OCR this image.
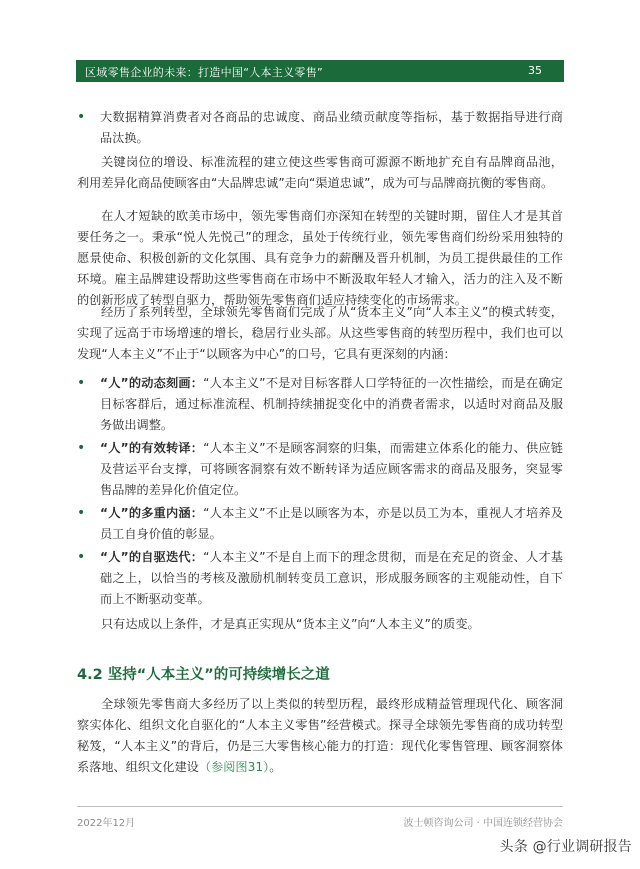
区域零售企业的未来：打造中国“人本主义零售”	35
• 大数据精算消费者对各商品的忠诚度、商品业绩贡献度等指标，基于数据指导进行商品汰换。

关键岗位的增设、标准流程的建立使这些零售商可源源不断地扩充自有品牌商品池，利用差异化商品使顾客由“大品牌忠诚”走向“渠道忠诚”，成为可与品牌商抗衡的零售商。

在人才短缺的欧美市场中，领先零售商们亦深知在转型的关键时期，留住人才是其首要任务之一。秉承“悦人先悦己”的理念，虽处于传统行业，领先零售商们纷纷采用独特的愿景使命、积极创新的文化氛围、具有竞争力的薪酬及晋升机制，为员工提供最佳的工作环境。雇主品牌建设帮助这些零售商在市场中不断汲取年轻人才输入，活力的注入及不断的创新形成了转型自驱力，帮助领先零售商们适应持续变化的市场需求。

经历了系列转型，全球领先零售商们完成了从“货本主义”向“人本主义”的模式转变，实现了远高于市场增速的增长，稳居行业头部。从这些零售商的转型历程中，我们也可以发现“人本主义”不止于“以顾客为中心”的口号，它具有更深刻的内涵：

• “人”的动态刻画：“人本主义”不是对目标客群人口学特征的一次性描绘，而是在确定目标客群后，通过标准流程、机制持续捕捉变化中的消费者需求，以适时对商品及服务做出调整。
• “人”的有效转译：“人本主义”不是顾客洞察的归集，而需建立体系化的能力、供应链及营运平台支撑，可将顾客洞察有效不断转译为适应顾客需求的商品及服务，突显零售品牌的差异化价值定位。
• “人”的多重内涵：“人本主义”不止是以顾客为本，亦是以员工为本，重视人才培养及员工自身价值的彰显。
• “人”的自驱迭代：“人本主义”不是自上而下的理念贯彻，而是在充足的资金、人才基础之上，以恰当的考核及激励机制转变员工意识，形成服务顾客的主观能动性，自下而上不断驱动变革。

只有达成以上条件，才是真正实现从“货本主义”向“人本主义”的质变。

4.2 坚持“人本主义”的可持续增长之道

全球领先零售商大多经历了以上类似的转型历程，最终形成精益管理现代化、顾客洞察实体化、组织文化自驱化的“人本主义零售”经营模式。探寻全球领先零售商的成功转型秘笈，“人本主义”的背后，仍是三大零售核心能力的打造：现代化零售管理、顾客洞察体系落地、组织文化建设（参阅图31）。

2022年12月	波士顿咨询公司 · 中国连锁经营协会
头条 @行业调研报告
